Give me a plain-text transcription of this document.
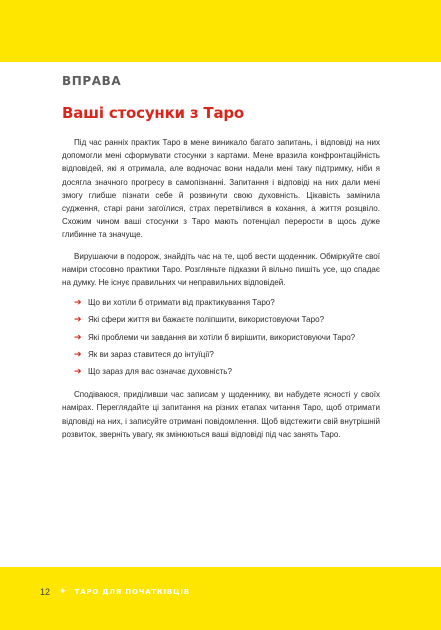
ВПРАВА

Ваші стосунки з Таро

Під час ранніх практик Таро в мене виникало багато запитань, і відповіді на них допомогли мені сформувати стосунки з картами. Мене вразила конфронтаційність відповідей, які я отримала, але водночас вони надали мені таку підтримку, ніби я досягла значного прогресу в самопізнанні. Запитання і відповіді на них дали мені змогу глибше пізнати себе й розвинути свою духовність. Цікавість замінила судження, старі рани загоїлися, страх перетвілився в кохання, а життя розцвіло. Схожим чином ваші стосунки з Таро мають потенціал перерости в щось дуже глибинне та значуще.

Вирушаючи в подорож, знайдіть час на те, щоб вести щоденник. Обміркуйте свої наміри стосовно практики Таро. Розгляньте підказки й вільно пишіть усе, що спадає на думку. Не існує правильних чи неправильних відповідей.

➔ Що ви хотіли б отримати від практикування Таро?
➔ Які сфери життя ви бажаєте поліпшити, використовуючи Таро?
➔ Які проблеми чи завдання ви хотіли б вирішити, використовуючи Таро?
➔ Як ви зараз ставитеся до інтуїції?
➔ Що зараз для вас означає духовність?

Сподіваюся, приділивши час записам у щоденнику, ви набудете ясності у своїх намірах. Переглядайте ці запитання на різних етапах читання Таро, щоб отримати відповіді на них, і записуйте отримані повідомлення. Щоб відстежити свій внутрішній розвиток, зверніть увагу, як змінюються ваші відповіді під час занять Таро.

12 ✦ ТАРО ДЛЯ ПОЧАТКІВЦІВ
